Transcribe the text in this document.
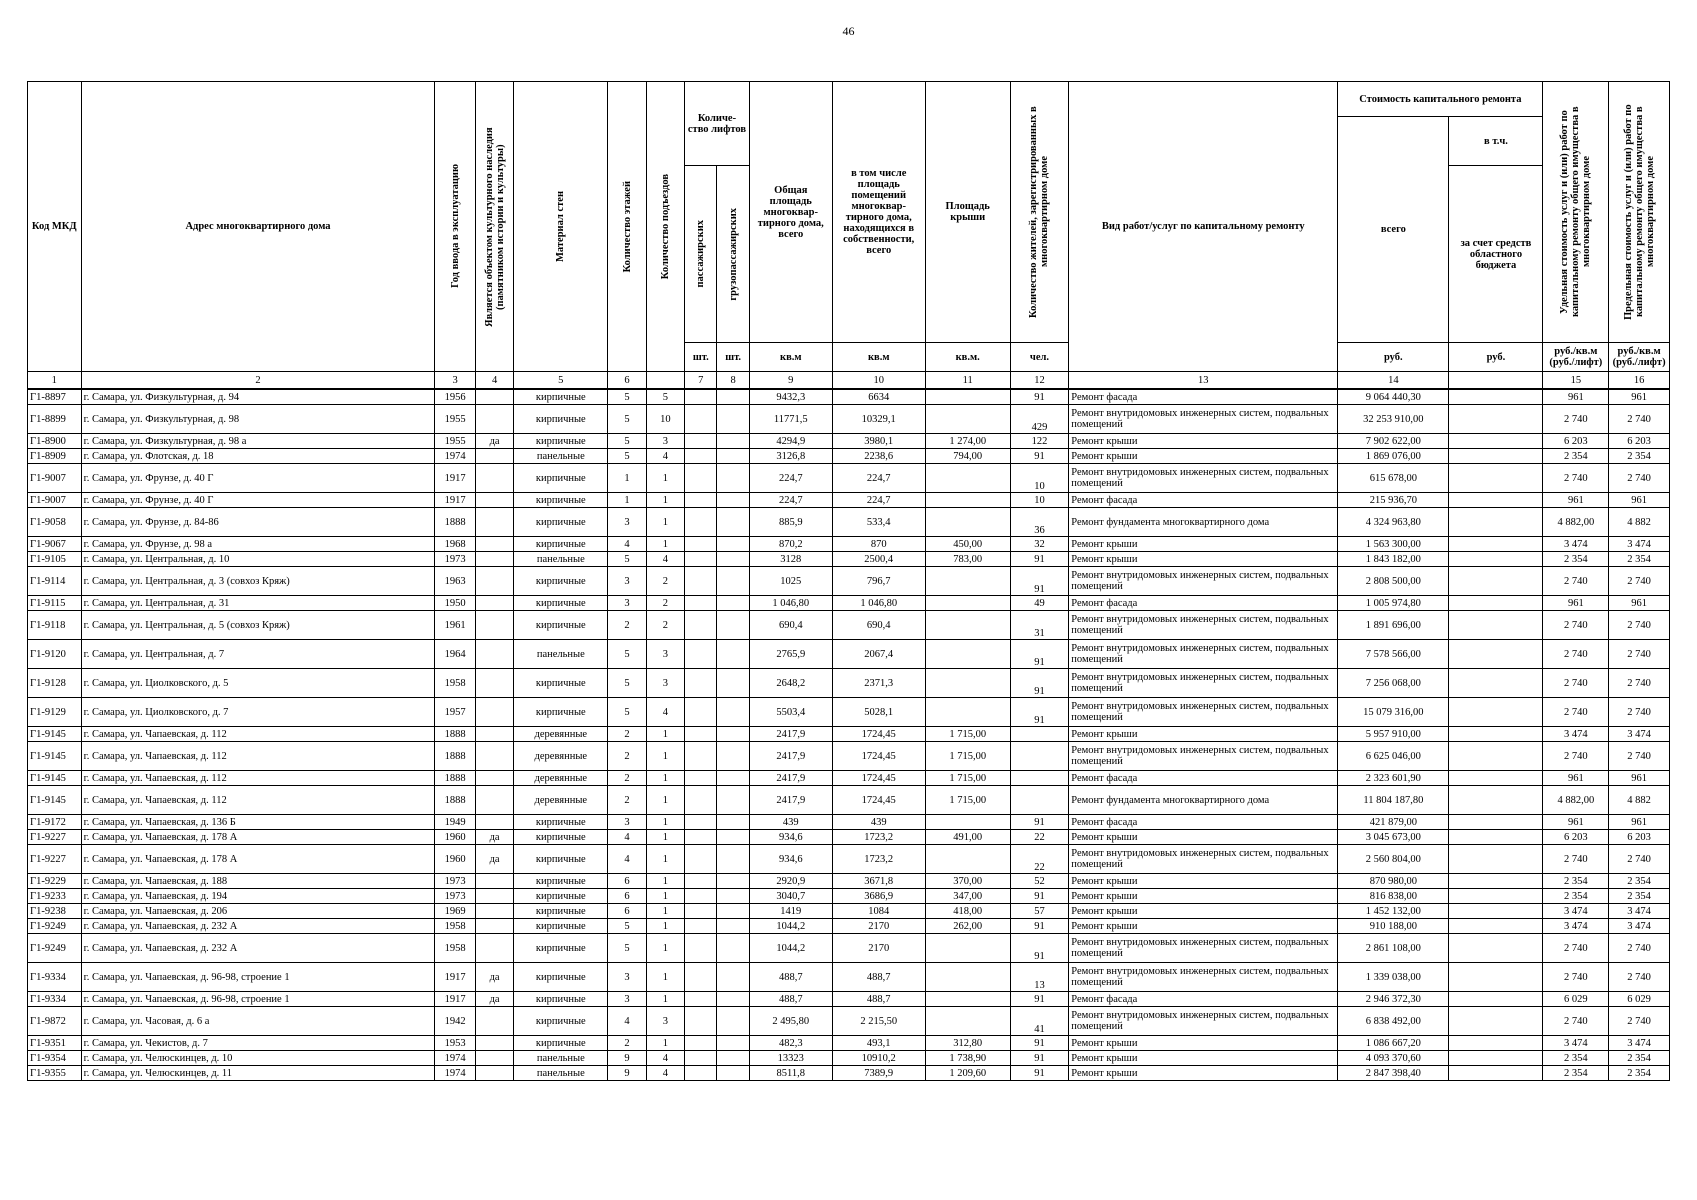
46
Код МКД	Адрес многоквартирного дома	Год ввода в эксплуатацию	Является объектом культурного наследия (памятником истории и культуры)	Материал стен	Количество этажей	Количество подъездов	Количе- ство лифтов		Общая площадь многоквар- тирного дома, всего	в том числе площадь помещений многоквар- тирного дома, находящихся в собственности, всего	Площадь крыши	Количество жителей, зарегистрированных в многоквартирном доме	Вид работ/услуг по капитальному ремонту	Стоимость капитального ремонта		Удельная стоимость услуг и (или) работ по капитальному ремонту общего имущества в многоквартирном доме	Предельная стоимость услуг и (или) работ по капитальному ремонту общего имущества в многоквартирном доме

														всего	в т.ч.		

							пассажирских	грузопассажирских							за счет средств областного бюджета		
							шт.	шт.	кв.м	кв.м	кв.м.	чел.		руб.	руб.	руб./кв.м (руб./лифт)	руб./кв.м (руб./лифт)
1	2	3	4	5	6		7	8	9	10	11	12	13	14		15	16
Г1-8897	г. Самара, ул. Физкультурная, д. 94	1956		кирпичные	5	5			9432,3	6634		91	Ремонт фасада	9 064 440,30		961	961
Г1-8899	г. Самара, ул. Физкультурная, д. 98	1955		кирпичные	5	10			11771,5	10329,1		429	Ремонт внутридомовых инженерных систем, подвальных помещений	32 253 910,00		2 740	2 740
Г1-8900	г. Самара, ул. Физкультурная, д. 98 а	1955	да	кирпичные	5	3			4294,9	3980,1	1 274,00	122	Ремонт крыши	7 902 622,00		6 203	6 203
Г1-8909	г. Самара, ул. Флотская, д. 18	1974		панельные	5	4			3126,8	2238,6	794,00	91	Ремонт крыши	1 869 076,00		2 354	2 354
Г1-9007	г. Самара, ул. Фрунзе, д. 40 Г	1917		кирпичные	1	1			224,7	224,7		10	Ремонт внутридомовых инженерных систем, подвальных помещений	615 678,00		2 740	2 740
Г1-9007	г. Самара, ул. Фрунзе, д. 40 Г	1917		кирпичные	1	1			224,7	224,7		10	Ремонт фасада	215 936,70		961	961
Г1-9058	г. Самара, ул. Фрунзе, д. 84-86	1888		кирпичные	3	1			885,9	533,4		36	Ремонт фундамента многоквартирного дома	4 324 963,80		4 882,00	4 882
Г1-9067	г. Самара, ул. Фрунзе, д. 98 а	1968		кирпичные	4	1			870,2	870	450,00	32	Ремонт крыши	1 563 300,00		3 474	3 474
Г1-9105	г. Самара, ул. Центральная, д. 10	1973		панельные	5	4			3128	2500,4	783,00	91	Ремонт крыши	1 843 182,00		2 354	2 354
Г1-9114	г. Самара, ул. Центральная, д. 3 (совхоз Кряж)	1963		кирпичные	3	2			1025	796,7		91	Ремонт внутридомовых инженерных систем, подвальных помещений	2 808 500,00		2 740	2 740
Г1-9115	г. Самара, ул. Центральная, д. 31	1950		кирпичные	3	2			1 046,80	1 046,80		49	Ремонт фасада	1 005 974,80		961	961
Г1-9118	г. Самара, ул. Центральная, д. 5 (совхоз Кряж)	1961		кирпичные	2	2			690,4	690,4		31	Ремонт внутридомовых инженерных систем, подвальных помещений	1 891 696,00		2 740	2 740
Г1-9120	г. Самара, ул. Центральная, д. 7	1964		панельные	5	3			2765,9	2067,4		91	Ремонт внутридомовых инженерных систем, подвальных помещений	7 578 566,00		2 740	2 740
Г1-9128	г. Самара, ул. Циолковского, д. 5	1958		кирпичные	5	3			2648,2	2371,3		91	Ремонт внутридомовых инженерных систем, подвальных помещений	7 256 068,00		2 740	2 740
Г1-9129	г. Самара, ул. Циолковского, д. 7	1957		кирпичные	5	4			5503,4	5028,1		91	Ремонт внутридомовых инженерных систем, подвальных помещений	15 079 316,00		2 740	2 740
Г1-9145	г. Самара, ул. Чапаевская, д. 112	1888		деревянные	2	1			2417,9	1724,45	1 715,00		Ремонт крыши	5 957 910,00		3 474	3 474
Г1-9145	г. Самара, ул. Чапаевская, д. 112	1888		деревянные	2	1			2417,9	1724,45	1 715,00		Ремонт внутридомовых инженерных систем, подвальных помещений	6 625 046,00		2 740	2 740
Г1-9145	г. Самара, ул. Чапаевская, д. 112	1888		деревянные	2	1			2417,9	1724,45	1 715,00		Ремонт фасада	2 323 601,90		961	961
Г1-9145	г. Самара, ул. Чапаевская, д. 112	1888		деревянные	2	1			2417,9	1724,45	1 715,00		Ремонт фундамента многоквартирного дома	11 804 187,80		4 882,00	4 882
Г1-9172	г. Самара, ул. Чапаевская, д. 136 Б	1949		кирпичные	3	1			439	439		91	Ремонт фасада	421 879,00		961	961
Г1-9227	г. Самара, ул. Чапаевская, д. 178 А	1960	да	кирпичные	4	1			934,6	1723,2	491,00	22	Ремонт крыши	3 045 673,00		6 203	6 203
Г1-9227	г. Самара, ул. Чапаевская, д. 178 А	1960	да	кирпичные	4	1			934,6	1723,2		22	Ремонт внутридомовых инженерных систем, подвальных помещений	2 560 804,00		2 740	2 740
Г1-9229	г. Самара, ул. Чапаевская, д. 188	1973		кирпичные	6	1			2920,9	3671,8	370,00	52	Ремонт крыши	870 980,00		2 354	2 354
Г1-9233	г. Самара, ул. Чапаевская, д. 194	1973		кирпичные	6	1			3040,7	3686,9	347,00	91	Ремонт крыши	816 838,00		2 354	2 354
Г1-9238	г. Самара, ул. Чапаевская, д. 206	1969		кирпичные	6	1			1419	1084	418,00	57	Ремонт крыши	1 452 132,00		3 474	3 474
Г1-9249	г. Самара, ул. Чапаевская, д. 232 А	1958		кирпичные	5	1			1044,2	2170	262,00	91	Ремонт крыши	910 188,00		3 474	3 474
Г1-9249	г. Самара, ул. Чапаевская, д. 232 А	1958		кирпичные	5	1			1044,2	2170		91	Ремонт внутридомовых инженерных систем, подвальных помещений	2 861 108,00		2 740	2 740
Г1-9334	г. Самара, ул. Чапаевская, д. 96-98, строение 1	1917	да	кирпичные	3	1			488,7	488,7		13	Ремонт внутридомовых инженерных систем, подвальных помещений	1 339 038,00		2 740	2 740
Г1-9334	г. Самара, ул. Чапаевская, д. 96-98, строение 1	1917	да	кирпичные	3	1			488,7	488,7		91	Ремонт фасада	2 946 372,30		6 029	6 029
Г1-9872	г. Самара, ул. Часовая, д. 6 а	1942		кирпичные	4	3			2 495,80	2 215,50		41	Ремонт внутридомовых инженерных систем, подвальных помещений	6 838 492,00		2 740	2 740
Г1-9351	г. Самара, ул. Чекистов, д. 7	1953		кирпичные	2	1			482,3	493,1	312,80	91	Ремонт крыши	1 086 667,20		3 474	3 474
Г1-9354	г. Самара, ул. Челюскинцев, д. 10	1974		панельные	9	4			13323	10910,2	1 738,90	91	Ремонт крыши	4 093 370,60		2 354	2 354
Г1-9355	г. Самара, ул. Челюскинцев, д. 11	1974		панельные	9	4			8511,8	7389,9	1 209,60	91	Ремонт крыши	2 847 398,40		2 354	2 354
